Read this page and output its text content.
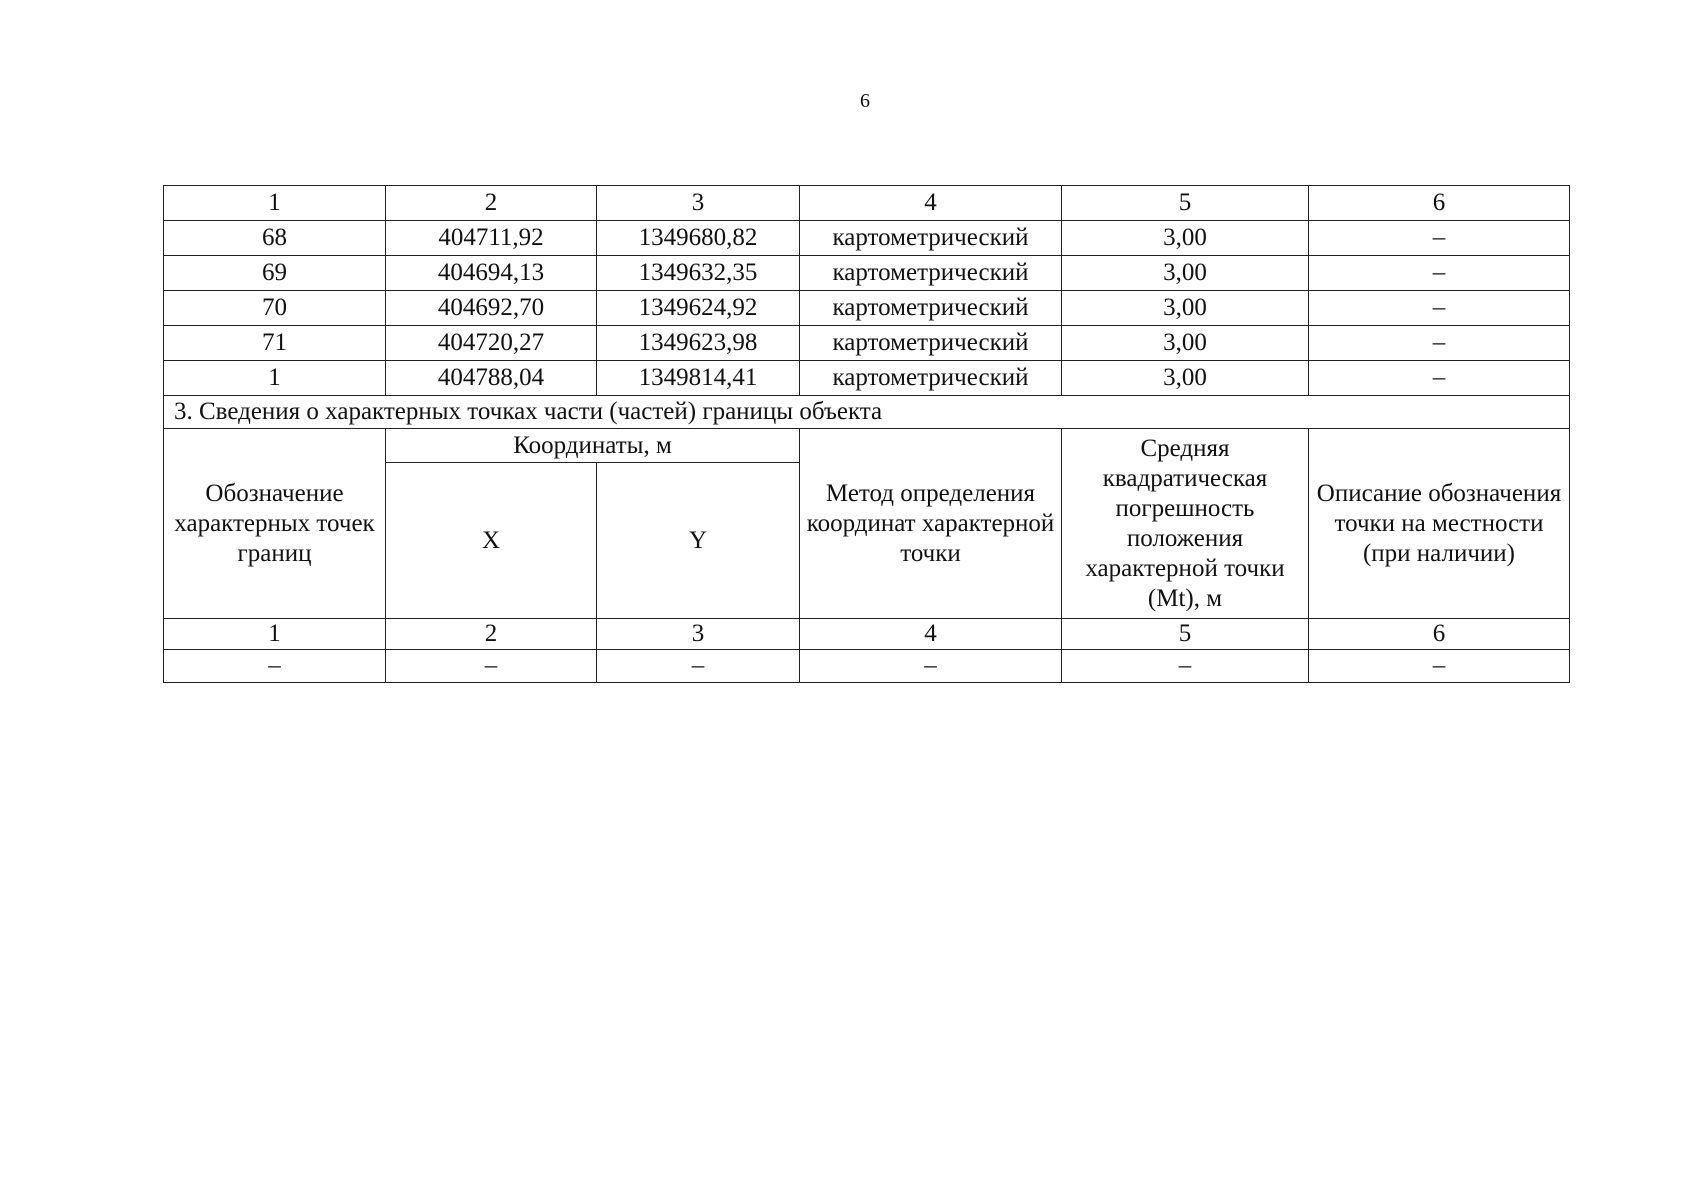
6
1	2	3	4	5	6
68	404711,92	1349680,82	картометрический	3,00	–
69	404694,13	1349632,35	картометрический	3,00	–
70	404692,70	1349624,92	картометрический	3,00	–
71	404720,27	1349623,98	картометрический	3,00	–
1	404788,04	1349814,41	картометрический	3,00	–
3. Сведения о характерных точках части (частей) границы объекта					
Обозначение характерных точек границ	Координаты, м		Метод определения координат характерной точки	Средняя квадратическая погрешность положения характерной точки (Mt), м	Описание обозначения точки на местности (при наличии)
	X	Y			
1	2	3	4	5	6
–	–	–	–	–	–
